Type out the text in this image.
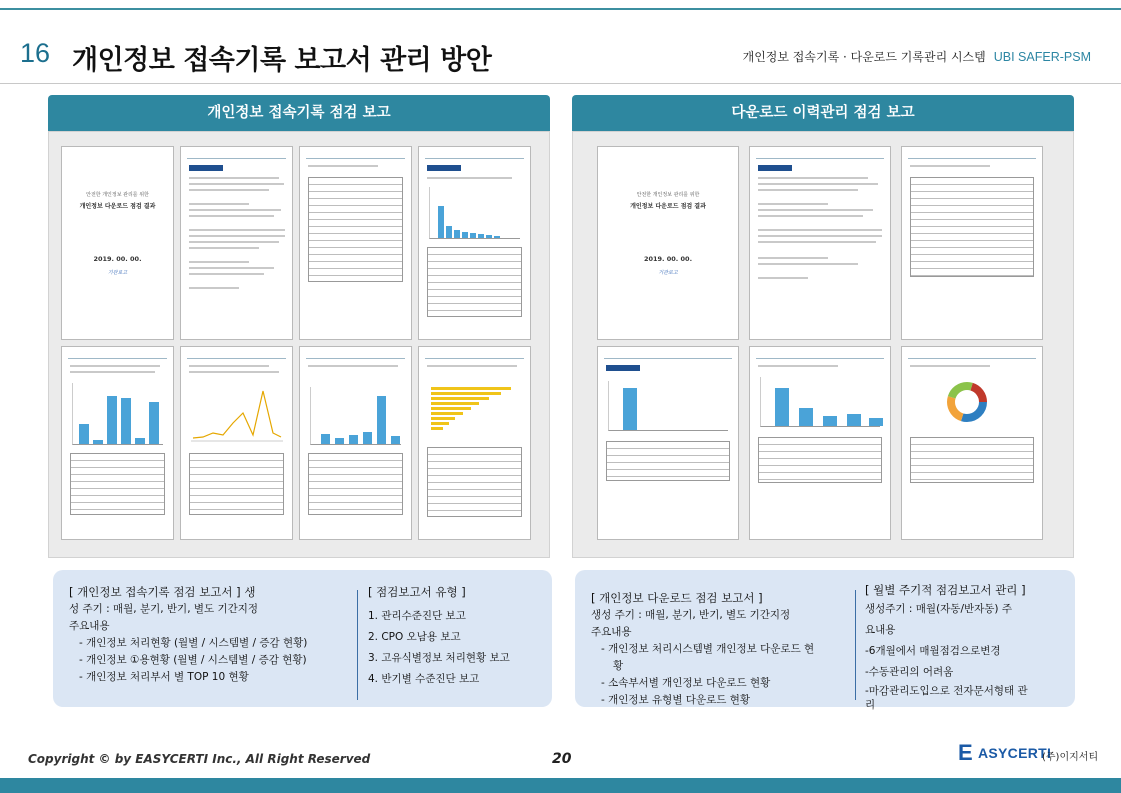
16 개인정보 접속기록 보고서 관리 방안	개인정보 접속기록 · 다운로드 기록관리 시스템 UBI SAFER-PSM
개인정보 접속기록 점검 보고
안전한 개인정보 관리를 위한
개인정보 다운로드 점검 결과
2019. 00. 00.
기관로고
다운로드 이력관리 점검 보고
안전한 개인정보 관리를 위한
개인정보 다운로드 점검 결과
2019. 00. 00.
기관로고
[ 개인정보 접속기록 점검 보고서 ] 생
성 주기 : 매월, 분기, 반기, 별도 기간지정
주요내용
- 개인정보 처리현황 (월별 / 시스템별 / 증감 현황)
- 개인정보 ①용현황 (월별 / 시스템별 / 증감 현황)
- 개인정보 처리부서 별 TOP 10 현황
[ 점검보고서 유형 ]
1. 관리수준진단 보고
2. CPO 오남용 보고
3. 고유식별정보 처리현황 보고
4. 반기별 수준진단 보고
[ 개인정보 다운로드 점검 보고서 ]
생성 주기 : 매월, 분기, 반기, 별도 기간지정
주요내용
- 개인정보 처리시스템별 개인정보 다운로드 현
황
- 소속부서별 개인정보 다운로드 현황
- 개인정보 유형별 다운로드 현황
[ 월별 주기적 점검보고서 관리 ]
생성주기 : 매월(자동/반자동) 주
요내용
-6개월에서 매월점검으로변경
-수동관리의 어려움
-마감관리도입으로 전자문서형태 관
리
Copyright © by EASYCERTI Inc., All Right Reserved	20	E ASYCERTI
(주)이지서티
